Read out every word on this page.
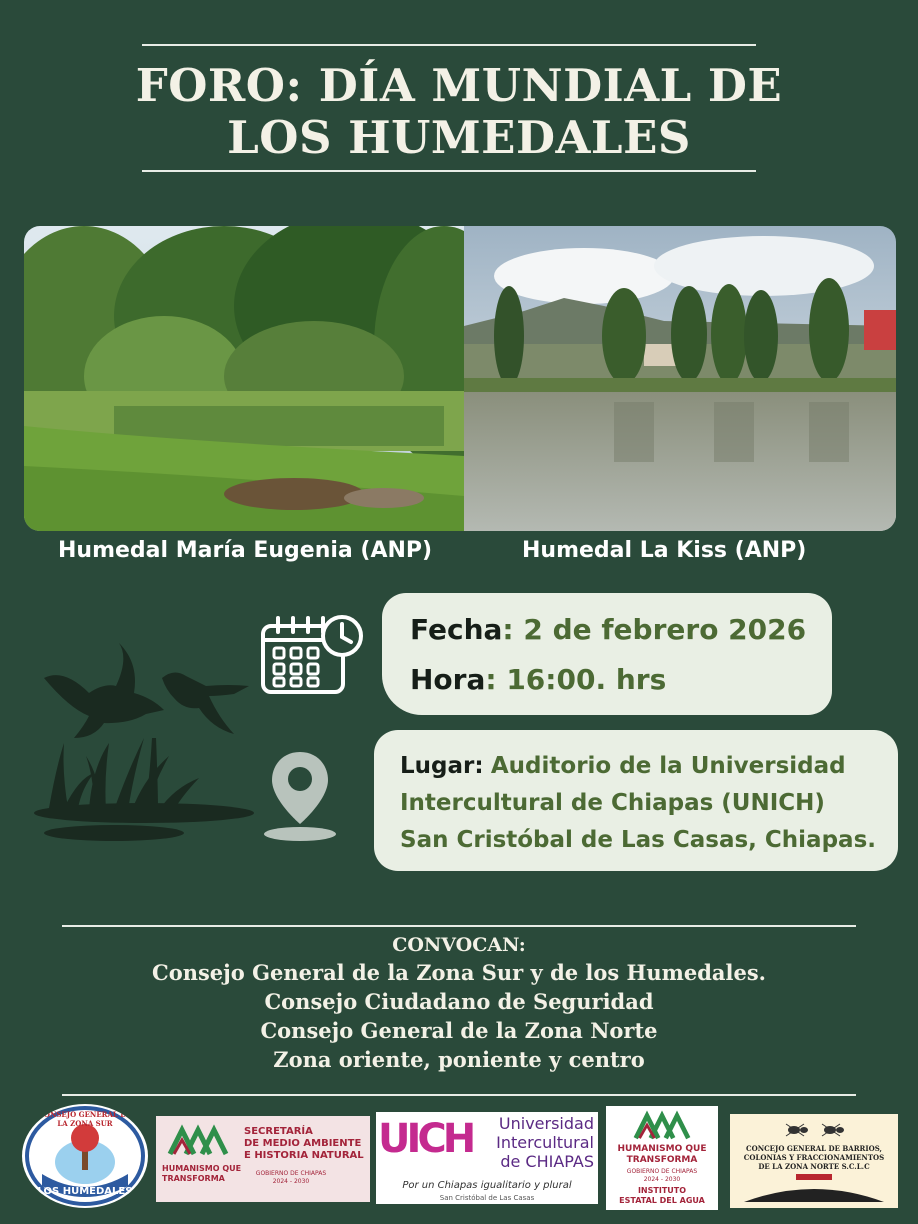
FORO: DÍA MUNDIAL DE
LOS HUMEDALES
Humedal María Eugenia (ANP)	Humedal La Kiss (ANP)
Fecha: 2 de febrero 2026
Hora: 16:00. hrs
Lugar: Auditorio de la Universidad
Intercultural de Chiapas (UNICH)
San Cristóbal de Las Casas, Chiapas.
CONVOCAN:
Consejo General de la Zona Sur y de los Humedales.
Consejo Ciudadano de Seguridad
Consejo General de la Zona Norte
Zona oriente, poniente y centro
CONSEJO GENERAL DE LA ZONA SUR
LOS HUMEDALES
HUMANISMO QUE
TRANSFORMA
SECRETARÍA
DE MEDIO AMBIENTE
E HISTORIA NATURAL
GOBIERNO DE CHIAPAS
2024 - 2030
UICH	Universidad
Intercultural
de CHIAPAS
Por un Chiapas igualitario y plural
San Cristóbal de Las Casas
HUMANISMO QUE
TRANSFORMA
GOBIERNO DE CHIAPAS
2024 - 2030
INSTITUTO
ESTATAL DEL AGUA
CONCEJO GENERAL DE BARRIOS,
COLONIAS Y FRACCIONAMIENTOS
DE LA ZONA NORTE S.C.L.C
